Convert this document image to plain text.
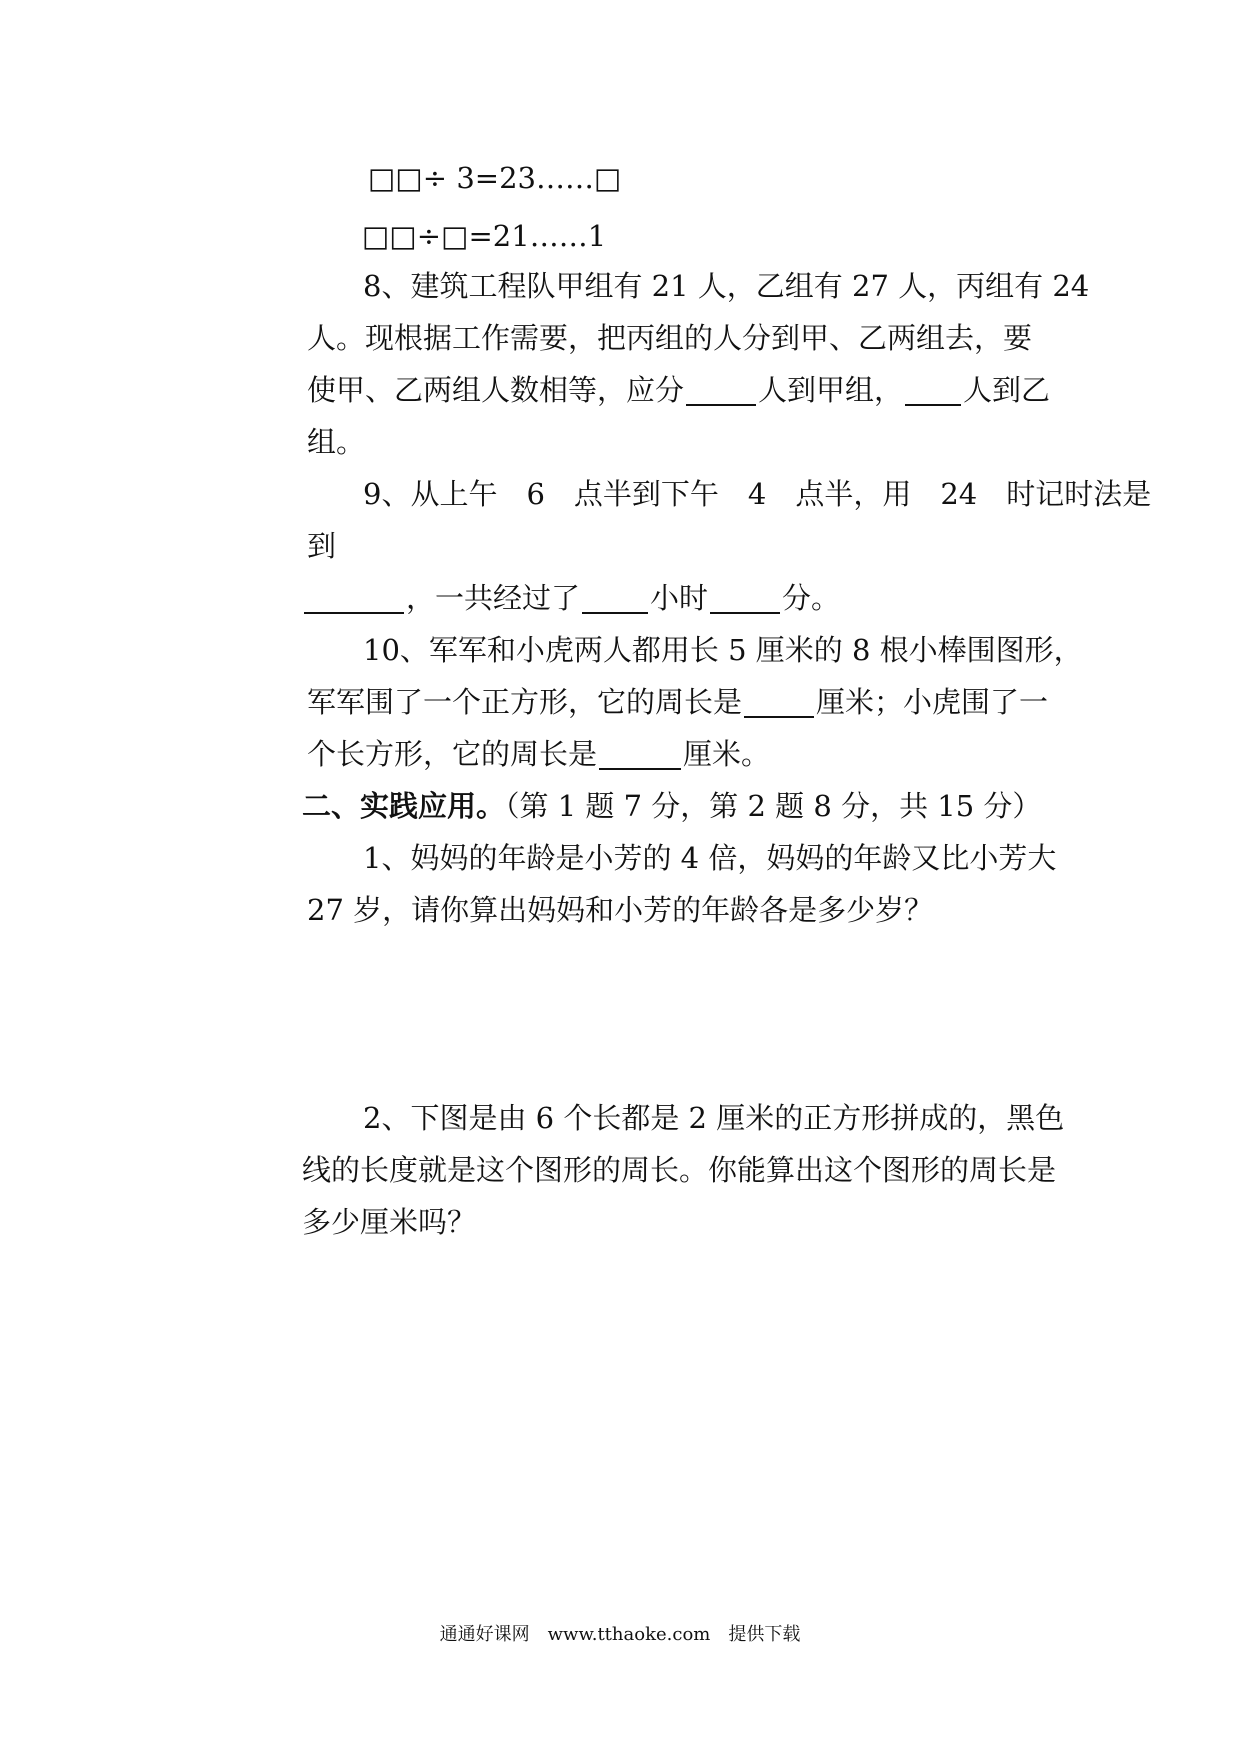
□□÷ 3=23……□
□□÷□=21……1
8、建筑工程队甲组有 21 人，乙组有 27 人，丙组有 24
人。现根据工作需要，把丙组的人分到甲、乙两组去，要
使甲、乙两组人数相等，应分	人到甲组， 人到乙
组。
9、从上午　6　点半到下午　4　点半，用　24　时记时法是
到
，一共经过了 小时	分。
10、军军和小虎两人都用长 5 厘米的 8 根小棒围图形，
军军围了一个正方形，它的周长是	厘米；小虎围了一
个长方形，它的周长是	厘米。
二、实践应用。（第 1 题 7 分，第 2 题 8 分，共 15 分）
1、妈妈的年龄是小芳的 4 倍，妈妈的年龄又比小芳大
27 岁，请你算出妈妈和小芳的年龄各是多少岁？
2、下图是由 6 个长都是 2 厘米的正方形拼成的，黑色
线的长度就是这个图形的周长。你能算出这个图形的周长是
多少厘米吗？
通通好课网　www.tthaoke.com　提供下载
